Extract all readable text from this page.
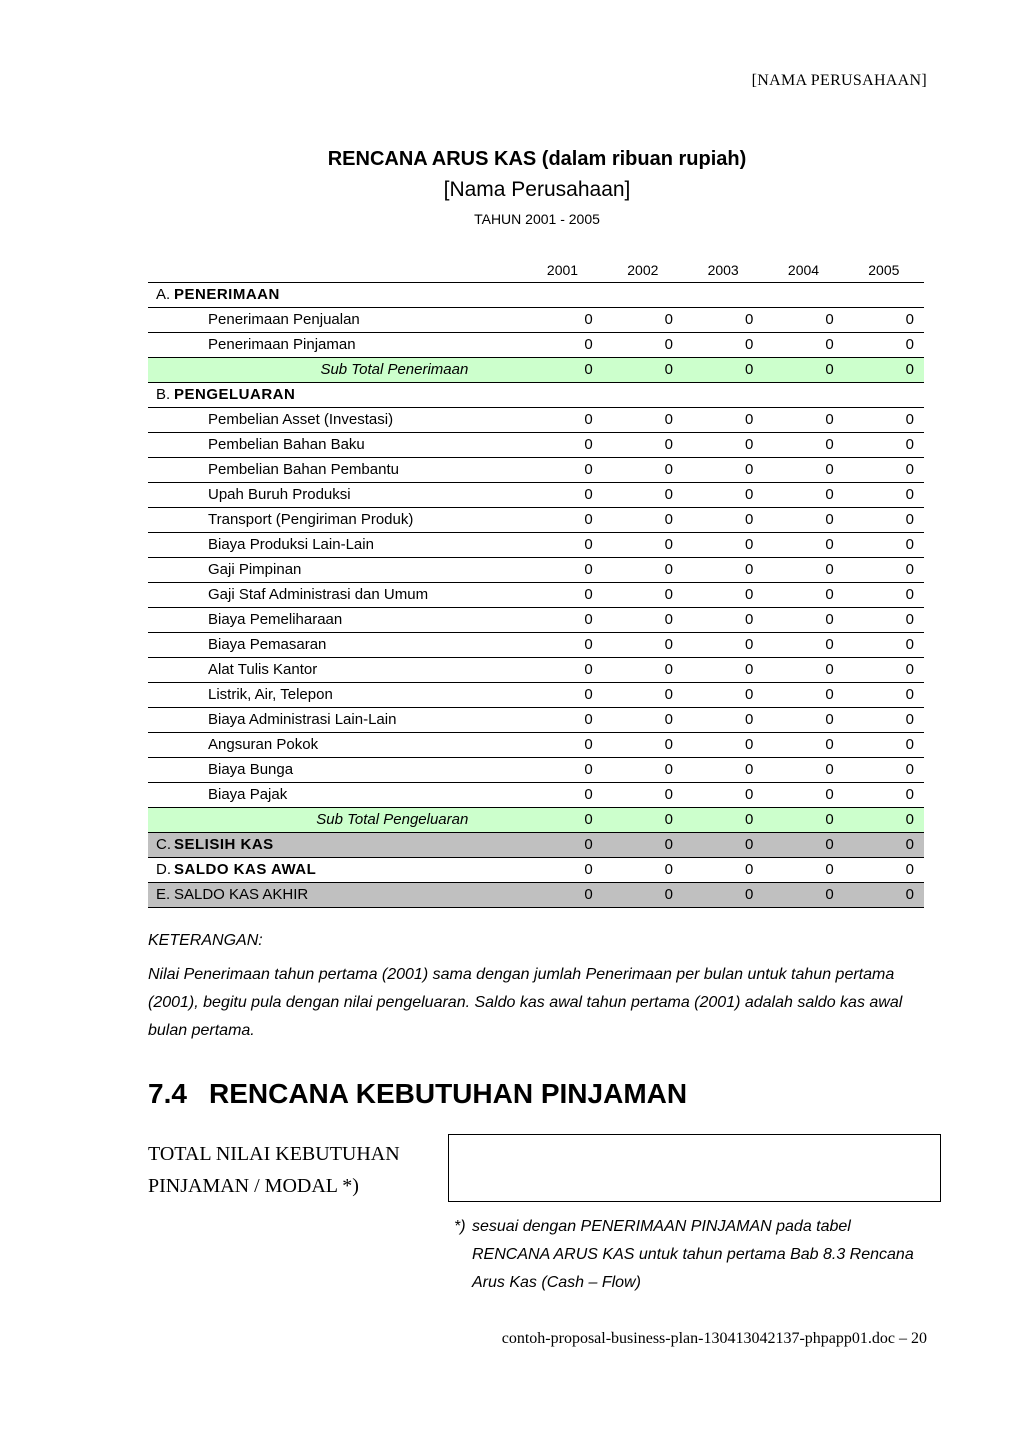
[NAMA PERUSAHAAN]
RENCANA ARUS KAS (dalam ribuan rupiah)
[Nama Perusahaan]
TAHUN 2001 - 2005
	2001	2002	2003	2004	2005
A. PENERIMAAN					
Penerimaan Penjualan	0	0	0	0	0
Penerimaan Pinjaman	0	0	0	0	0
Sub Total Penerimaan	0	0	0	0	0
B. PENGELUARAN					
Pembelian Asset (Investasi)	0	0	0	0	0
Pembelian Bahan Baku	0	0	0	0	0
Pembelian Bahan Pembantu	0	0	0	0	0
Upah Buruh Produksi	0	0	0	0	0
Transport (Pengiriman Produk)	0	0	0	0	0
Biaya Produksi Lain-Lain	0	0	0	0	0
Gaji Pimpinan	0	0	0	0	0
Gaji Staf Administrasi dan Umum	0	0	0	0	0
Biaya Pemeliharaan	0	0	0	0	0
Biaya Pemasaran	0	0	0	0	0
Alat Tulis Kantor	0	0	0	0	0
Listrik, Air, Telepon	0	0	0	0	0
Biaya Administrasi Lain-Lain	0	0	0	0	0
Angsuran Pokok	0	0	0	0	0
Biaya Bunga	0	0	0	0	0
Biaya Pajak	0	0	0	0	0
Sub Total Pengeluaran	0	0	0	0	0
C. SELISIH KAS	0	0	0	0	0
D. SALDO KAS AWAL	0	0	0	0	0
E. SALDO KAS AKHIR	0	0	0	0	0
KETERANGAN:
Nilai Penerimaan tahun pertama (2001) sama dengan jumlah Penerimaan per bulan untuk tahun pertama (2001), begitu pula dengan nilai pengeluaran. Saldo kas awal tahun pertama (2001) adalah saldo kas awal bulan pertama.
7.4 RENCANA KEBUTUHAN PINJAMAN
TOTAL NILAI KEBUTUHAN
PINJAMAN / MODAL *)
*) sesuai dengan PENERIMAAN PINJAMAN pada tabel RENCANA ARUS KAS untuk tahun pertama Bab 8.3 Rencana Arus Kas (Cash – Flow)
contoh-proposal-business-plan-130413042137-phpapp01.doc – 20
